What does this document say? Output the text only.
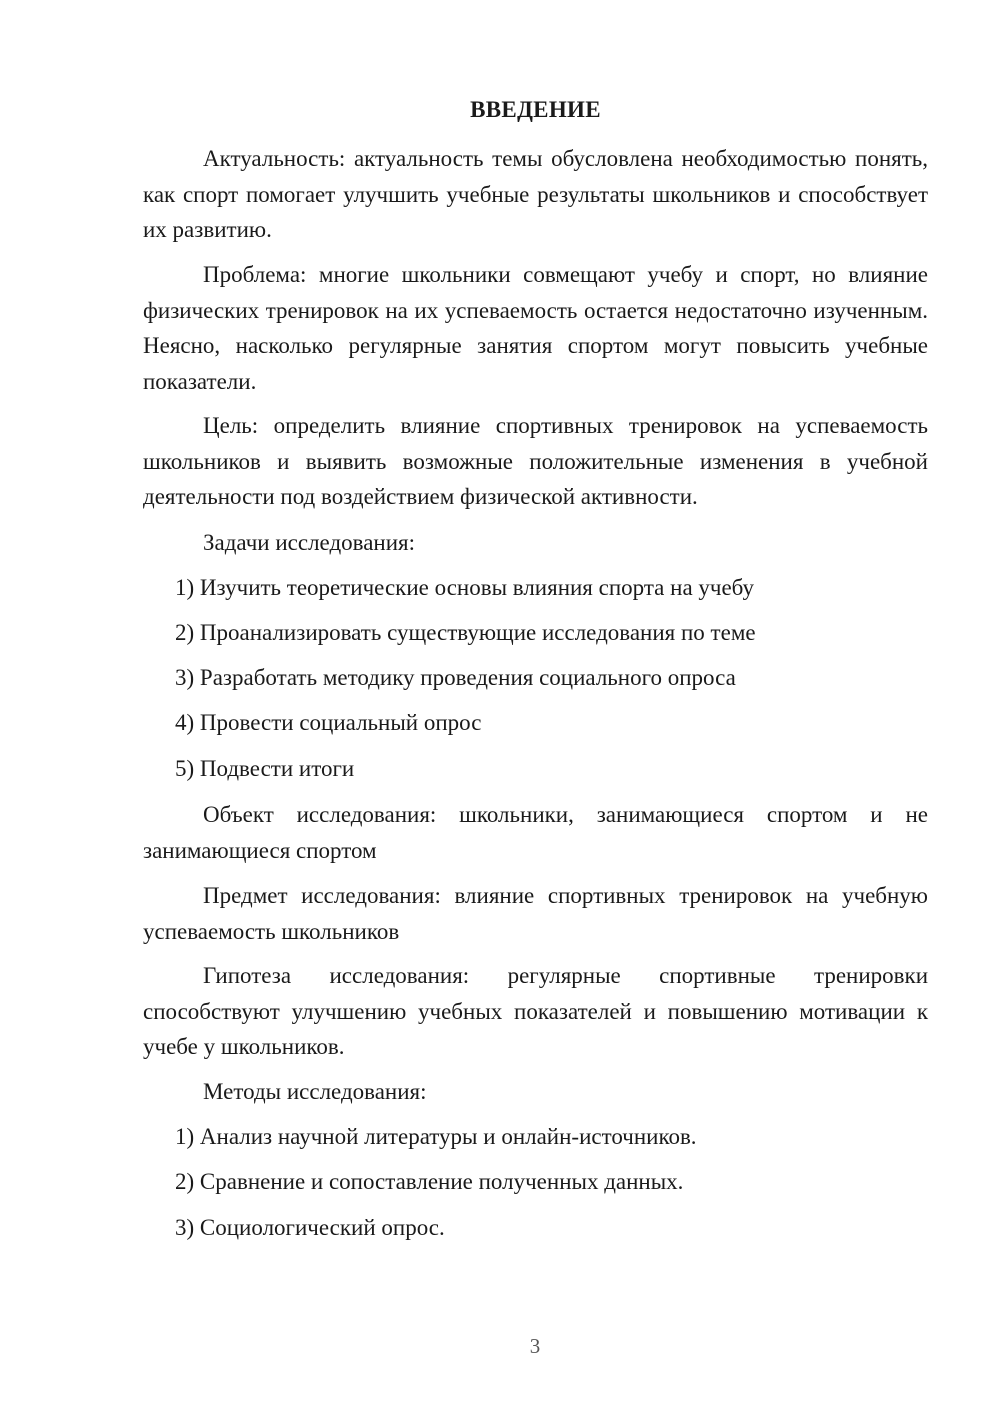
ВВЕДЕНИЕ

Актуальность: актуальность темы обусловлена необходимостью понять, как спорт помогает улучшить учебные результаты школьников и способствует их развитию.

Проблема: многие школьники совмещают учебу и спорт, но влияние физических тренировок на их успеваемость остается недостаточно изученным. Неясно, насколько регулярные занятия спортом могут повысить учебные показатели.

Цель: определить влияние спортивных тренировок на успеваемость школьников и выявить возможные положительные изменения в учебной деятельности под воздействием физической активности.

Задачи исследования:

1) Изучить теоретические основы влияния спорта на учебу

2) Проанализировать существующие исследования по теме

3) Разработать методику проведения социального опроса

4) Провести социальный опрос

5) Подвести итоги

Объект исследования: школьники, занимающиеся спортом и не занимающиеся спортом

Предмет исследования: влияние спортивных тренировок на учебную успеваемость школьников

Гипотеза исследования: регулярные спортивные тренировки способствуют улучшению учебных показателей и повышению мотивации к учебе у школьников.

Методы исследования:

1) Анализ научной литературы и онлайн-источников.

2) Сравнение и сопоставление полученных данных.

3) Социологический опрос.

3
